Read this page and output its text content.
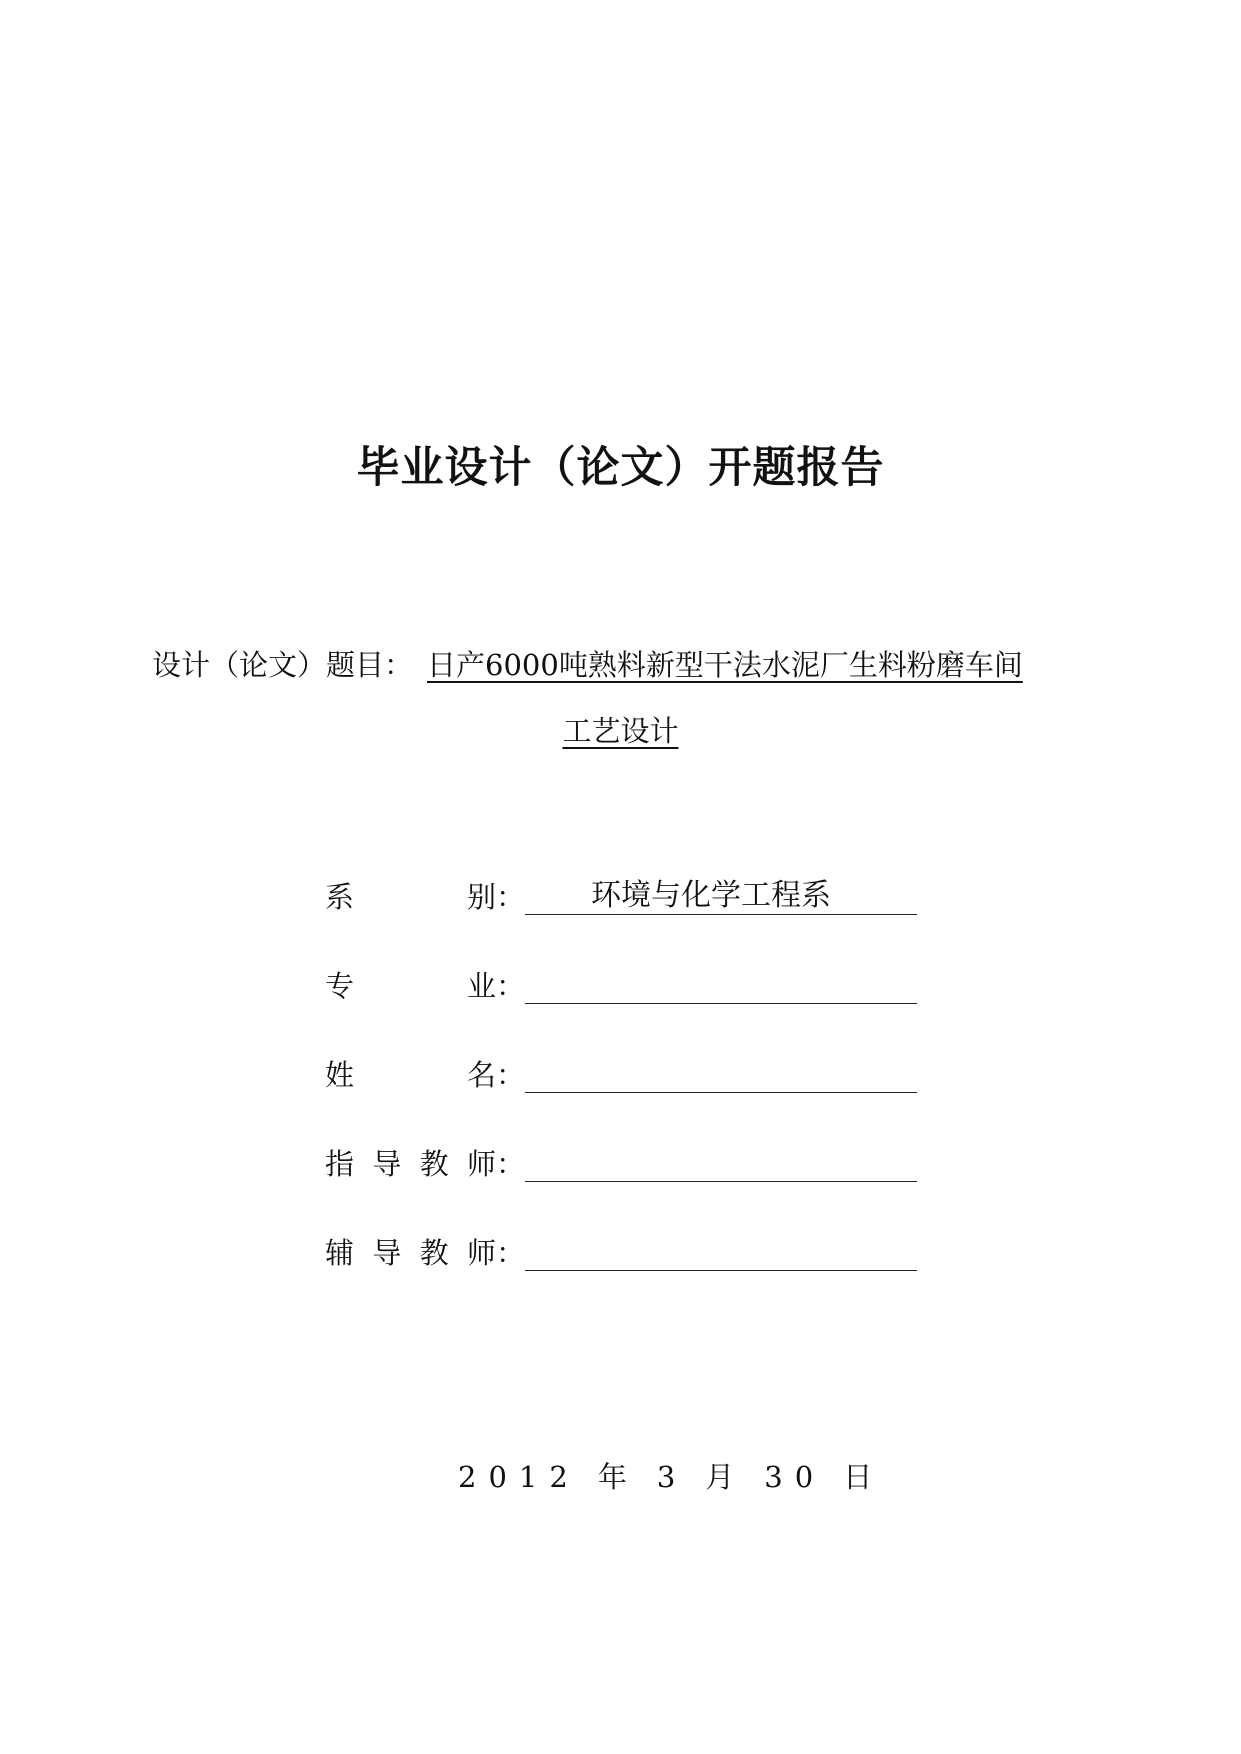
毕业设计（论文）开题报告
设计（论文）题目： 日产6000吨熟料新型干法水泥厂生料粉磨车间
工艺设计
系	别：	环境与化学工程系
专	业：
姓	名：
指 导 教 师：
辅 导 教 师：
2012 年 3 月 30 日
